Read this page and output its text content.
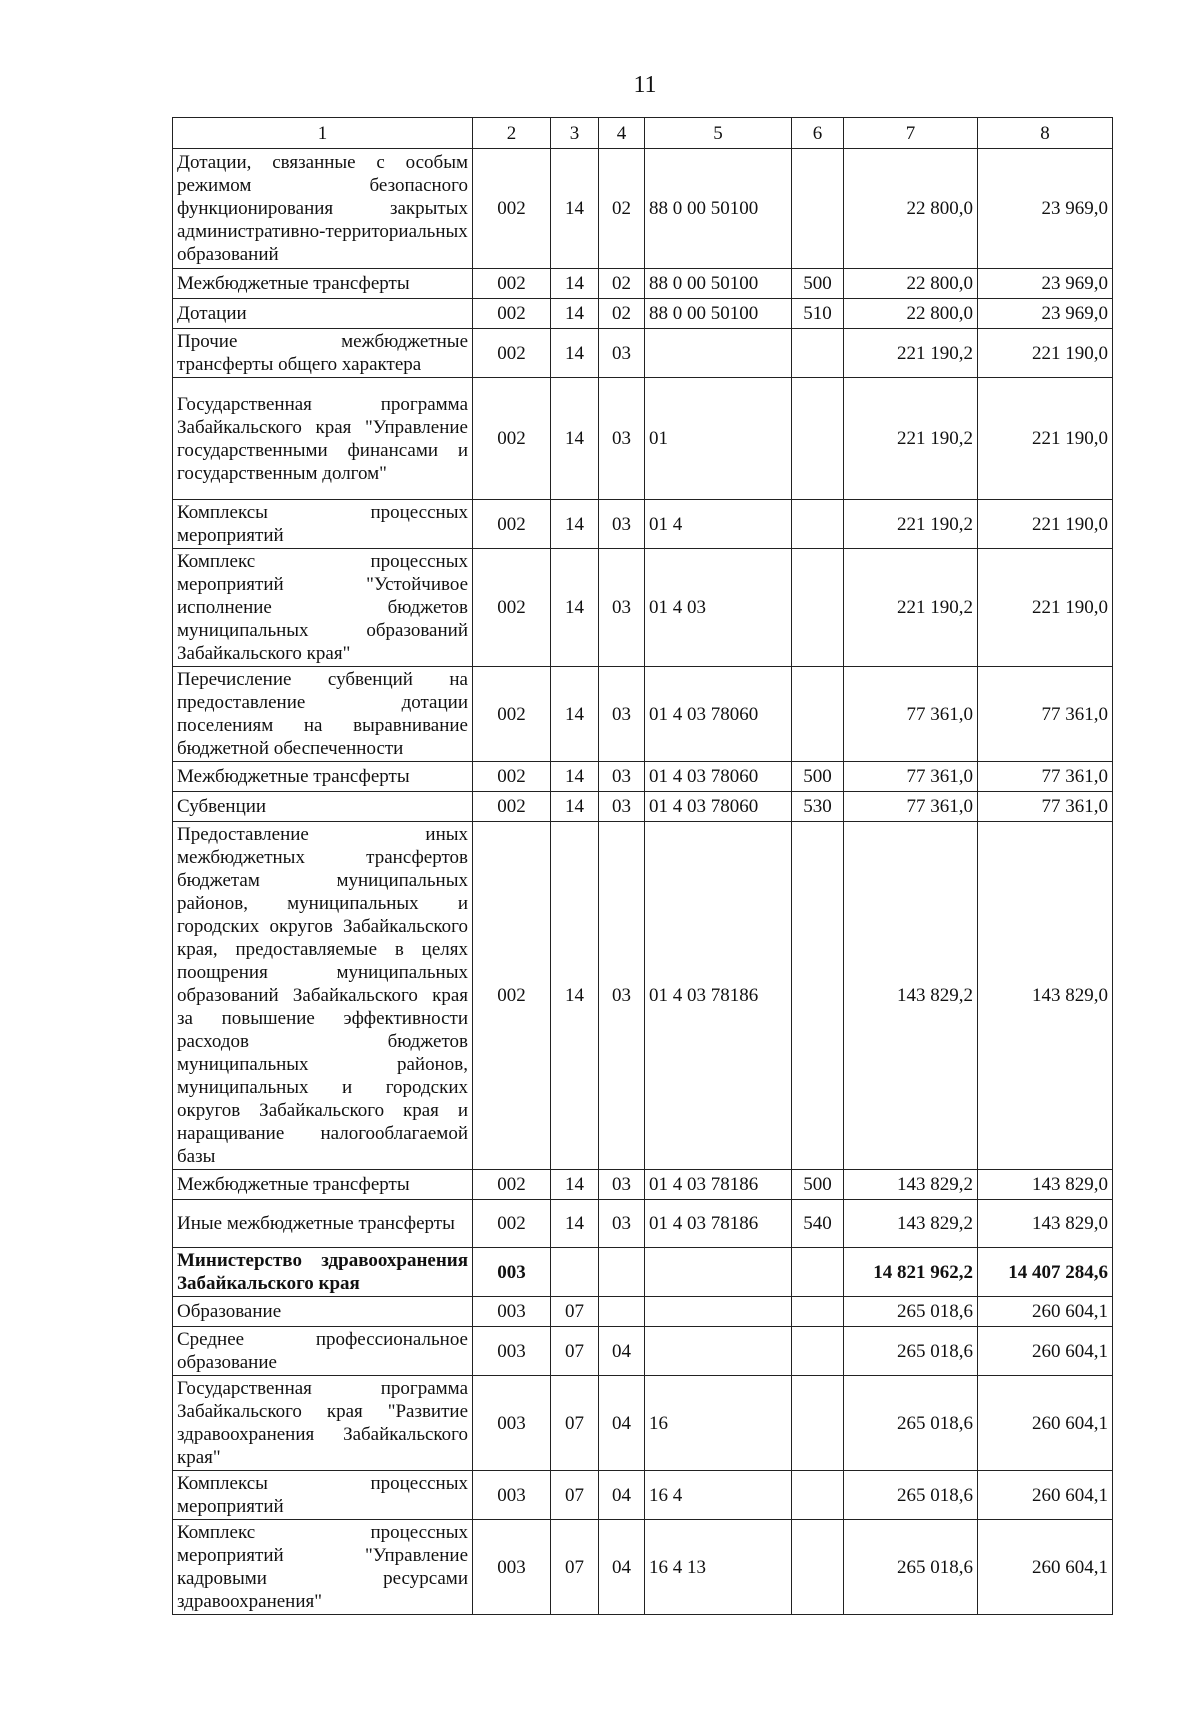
11
1	2	3	4	5	6	7	8
Дотации, связанные с особым режимом безопасного функционирования закрытых административно-территориальных образований	002	14	02	88 0 00 50100		22 800,0	23 969,0
Межбюджетные трансферты	002	14	02	88 0 00 50100	500	22 800,0	23 969,0
Дотации	002	14	02	88 0 00 50100	510	22 800,0	23 969,0
Прочие межбюджетные трансферты общего характера	002	14	03			221 190,2	221 190,0
Государственная программа Забайкальского края "Управление государственными финансами и государственным долгом"	002	14	03	01		221 190,2	221 190,0
Комплексы процессных мероприятий	002	14	03	01 4		221 190,2	221 190,0
Комплекс процессных мероприятий "Устойчивое исполнение бюджетов муниципальных образований Забайкальского края"	002	14	03	01 4 03		221 190,2	221 190,0
Перечисление субвенций на предоставление дотации поселениям на выравнивание бюджетной обеспеченности	002	14	03	01 4 03 78060		77 361,0	77 361,0
Межбюджетные трансферты	002	14	03	01 4 03 78060	500	77 361,0	77 361,0
Субвенции	002	14	03	01 4 03 78060	530	77 361,0	77 361,0
Предоставление иных межбюджетных трансфертов бюджетам муниципальных районов, муниципальных и городских округов Забайкальского края, предоставляемые в целях поощрения муниципальных образований Забайкальского края за повышение эффективности расходов бюджетов муниципальных районов, муниципальных и городских округов Забайкальского края и наращивание налогооблагаемой базы	002	14	03	01 4 03 78186		143 829,2	143 829,0
Межбюджетные трансферты	002	14	03	01 4 03 78186	500	143 829,2	143 829,0
Иные межбюджетные трансферты	002	14	03	01 4 03 78186	540	143 829,2	143 829,0
Министерство здравоохранения Забайкальского края	003					14 821 962,2	14 407 284,6
Образование	003	07				265 018,6	260 604,1
Среднее профессиональное образование	003	07	04			265 018,6	260 604,1
Государственная программа Забайкальского края "Развитие здравоохранения Забайкальского края"	003	07	04	16		265 018,6	260 604,1
Комплексы процессных мероприятий	003	07	04	16 4		265 018,6	260 604,1
Комплекс процессных мероприятий "Управление кадровыми ресурсами здравоохранения"	003	07	04	16 4 13		265 018,6	260 604,1
